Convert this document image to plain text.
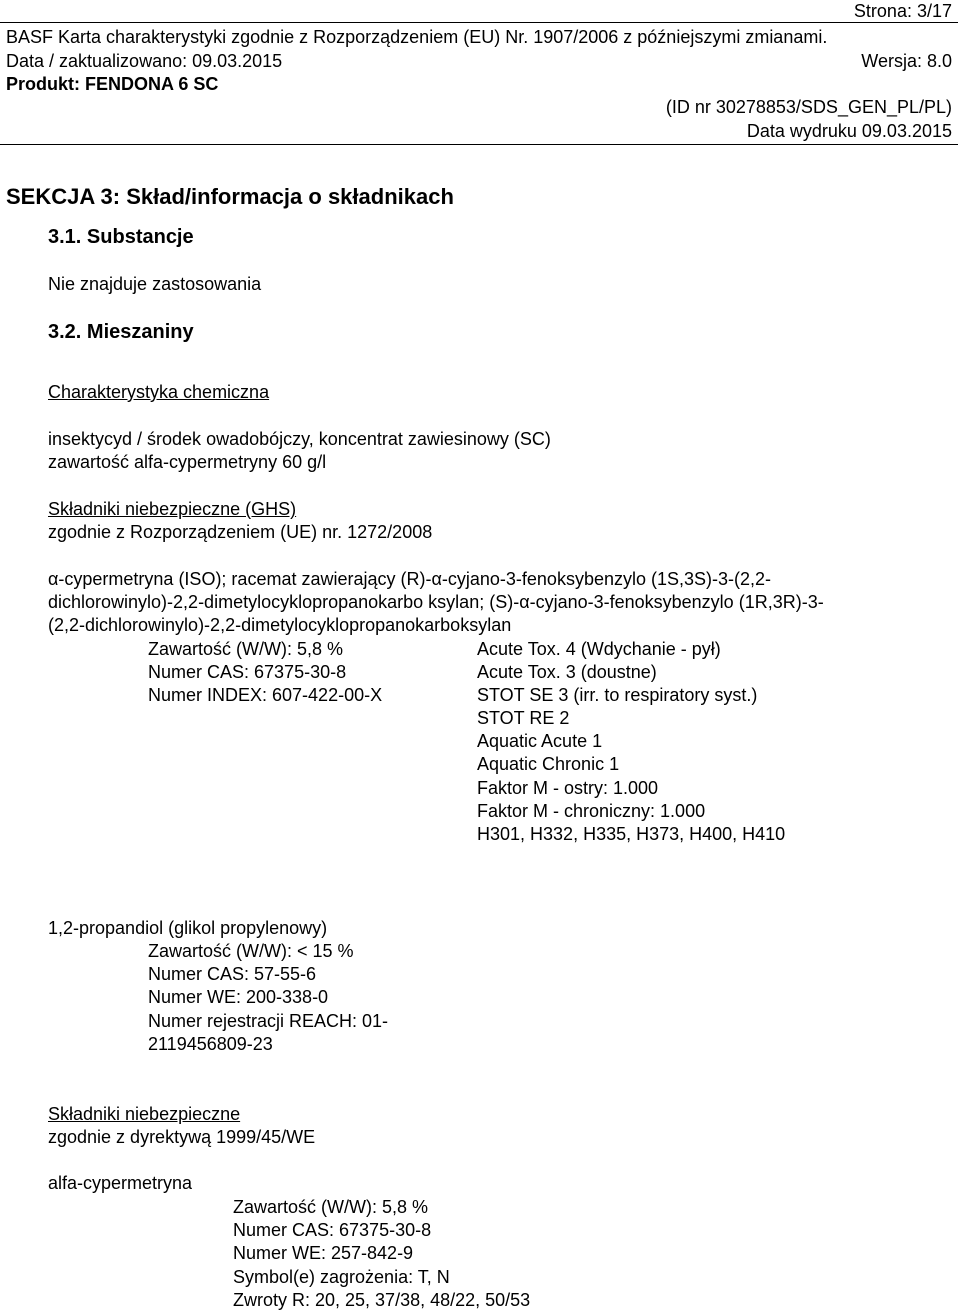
Strona: 3/17
BASF Karta charakterystyki zgodnie z Rozporządzeniem (EU) Nr. 1907/2006 z późniejszymi zmianami.
Data / zaktualizowano: 09.03.2015	Wersja: 8.0
Produkt: FENDONA 6 SC
(ID nr 30278853/SDS_GEN_PL/PL)
Data wydruku 09.03.2015
SEKCJA 3: Skład/informacja o składnikach
3.1. Substancje
Nie znajduje zastosowania
3.2. Mieszaniny
Charakterystyka chemiczna
insektycyd / środek owadobójczy, koncentrat zawiesinowy (SC)
zawartość alfa-cypermetryny 60 g/l
Składniki niebezpieczne (GHS)
zgodnie z Rozporządzeniem (UE) nr. 1272/2008
α-cypermetryna (ISO); racemat zawierający (R)-α-cyjano-3-fenoksybenzylo (1S,3S)-3-(2,2-
dichlorowinylo)-2,2-dimetylocyklopropanokarbo ksylan; (S)-α-cyjano-3-fenoksybenzylo (1R,3R)-3-
(2,2-dichlorowinylo)-2,2-dimetylocyklopropanokarboksylan
Zawartość (W/W): 5,8 %
Numer CAS: 67375-30-8
Numer INDEX: 607-422-00-X
Acute Tox. 4 (Wdychanie - pył)
Acute Tox. 3 (doustne)
STOT SE 3 (irr. to respiratory syst.)
STOT RE 2
Aquatic Acute 1
Aquatic Chronic 1
Faktor M - ostry: 1.000
Faktor M - chroniczny: 1.000
H301, H332, H335, H373, H400, H410
1,2-propandiol (glikol propylenowy)
Zawartość (W/W): < 15 %
Numer CAS: 57-55-6
Numer WE: 200-338-0
Numer rejestracji REACH: 01-
2119456809-23
Składniki niebezpieczne
zgodnie z dyrektywą 1999/45/WE
alfa-cypermetryna
Zawartość (W/W): 5,8 %
Numer CAS: 67375-30-8
Numer WE: 257-842-9
Symbol(e) zagrożenia: T, N
Zwroty R: 20, 25, 37/38, 48/22, 50/53
